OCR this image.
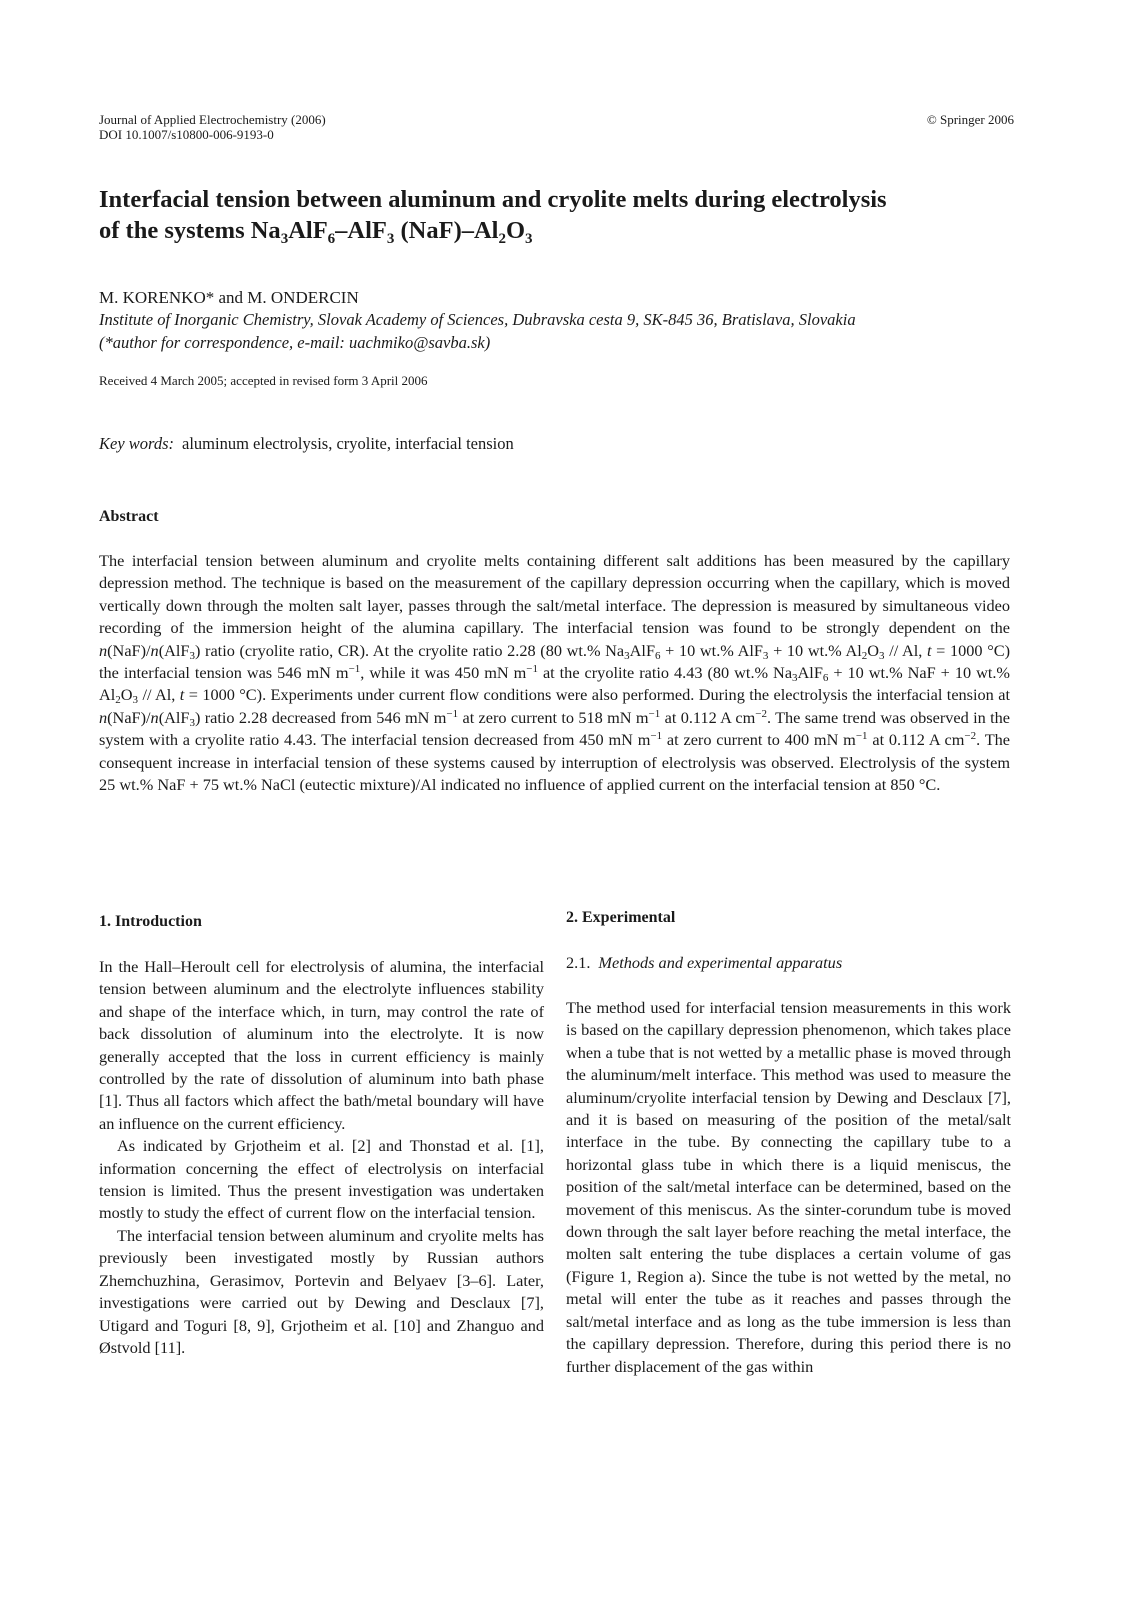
Journal of Applied Electrochemistry (2006)
DOI 10.1007/s10800-006-9193-0
© Springer 2006
Interfacial tension between aluminum and cryolite melts during electrolysis
of the systems $Na_3AlF_6-AlF_3$ $(NaF)-Al_2O_3$
M. KORENKO* and M. ONDERCIN
Institute of Inorganic Chemistry, Slovak Academy of Sciences, Dubravska cesta 9, SK-845 36, Bratislava, Slovakia
(*author for correspondence, e-mail: uachmiko@savba.sk)
Received 4 March 2005; accepted in revised form 3 April 2006
Key words: aluminum electrolysis, cryolite, interfacial tension
Abstract

The interfacial tension between aluminum and cryolite melts containing different salt additions has been measured by the capillary depression method. The technique is based on the measurement of the capillary depression occurring when the capillary, which is moved vertically down through the molten salt layer, passes through the salt/metal interface. The depression is measured by simultaneous video recording of the immersion height of the alumina capillary. The interfacial tension was found to be strongly dependent on the n(NaF)/n(AlF$_3$) ratio (cryolite ratio, CR). At the cryolite ratio 2.28 (80 wt.% $Na_3AlF_6 + 10$ wt.% AlF$_3$ + 10 wt.% $Al_2O_3$ // Al, t = 1000 °C) the interfacial tension was 546 mN $m^{-1}$, while it was 450 mN $m^{-1}$ at the cryolite ratio 4.43 (80 wt.% $Na_3AlF_6 + 10$ wt.% NaF + 10 wt.% $Al_2O_3$ // Al, t = 1000 °C). Experiments under current flow conditions were also performed. During the electrolysis the interfacial tension at n(NaF)/n(AlF$_3$) ratio 2.28 decreased from 546 mN $m^{-1}$ at zero current to 518 mN $m^{-1}$ at 0.112 A $cm^{-2}$. The same trend was observed in the system with a cryolite ratio 4.43. The interfacial tension decreased from 450 mN $m^{-1}$ at zero current to 400 mN $m^{-1}$ at 0.112 A $cm^{-2}$. The consequent increase in interfacial tension of these systems caused by interruption of electrolysis was observed. Electrolysis of the system 25 wt.% NaF + 75 wt.% NaCl (eutectic mixture)/Al indicated no influence of applied current on the interfacial tension at 850 °C.

1. Introduction

In the Hall–Heroult cell for electrolysis of alumina, the interfacial tension between aluminum and the electrolyte influences stability and shape of the interface which, in turn, may control the rate of back dissolution of aluminum into the electrolyte. It is now generally accepted that the loss in current efficiency is mainly controlled by the rate of dissolution of aluminum into bath phase [1]. Thus all factors which affect the bath/metal boundary will have an influence on the current efficiency.

As indicated by Grjotheim et al. [2] and Thonstad et al. [1], information concerning the effect of electrolysis on interfacial tension is limited. Thus the present investigation was undertaken mostly to study the effect of current flow on the interfacial tension.

The interfacial tension between aluminum and cryolite melts has previously been investigated mostly by Russian authors Zhemchuzhina, Gerasimov, Portevin and Belyaev [3–6]. Later, investigations were carried out by Dewing and Desclaux [7], Utigard and Toguri [8, 9], Grjotheim et al. [10] and Zhanguo and Østvold [11].

2. Experimental
2.1. Methods and experimental apparatus

The method used for interfacial tension measurements in this work is based on the capillary depression phenomenon, which takes place when a tube that is not wetted by a metallic phase is moved through the aluminum/melt interface. This method was used to measure the aluminum/cryolite interfacial tension by Dewing and Desclaux [7], and it is based on measuring of the position of the metal/salt interface in the tube. By connecting the capillary tube to a horizontal glass tube in which there is a liquid meniscus, the position of the salt/metal interface can be determined, based on the movement of this meniscus. As the sinter-corundum tube is moved down through the salt layer before reaching the metal interface, the molten salt entering the tube displaces a certain volume of gas (Figure 1, Region a). Since the tube is not wetted by the metal, no metal will enter the tube as it reaches and passes through the salt/metal interface and as long as the tube immersion is less than the capillary depression. Therefore, during this period there is no further displacement of the gas within
